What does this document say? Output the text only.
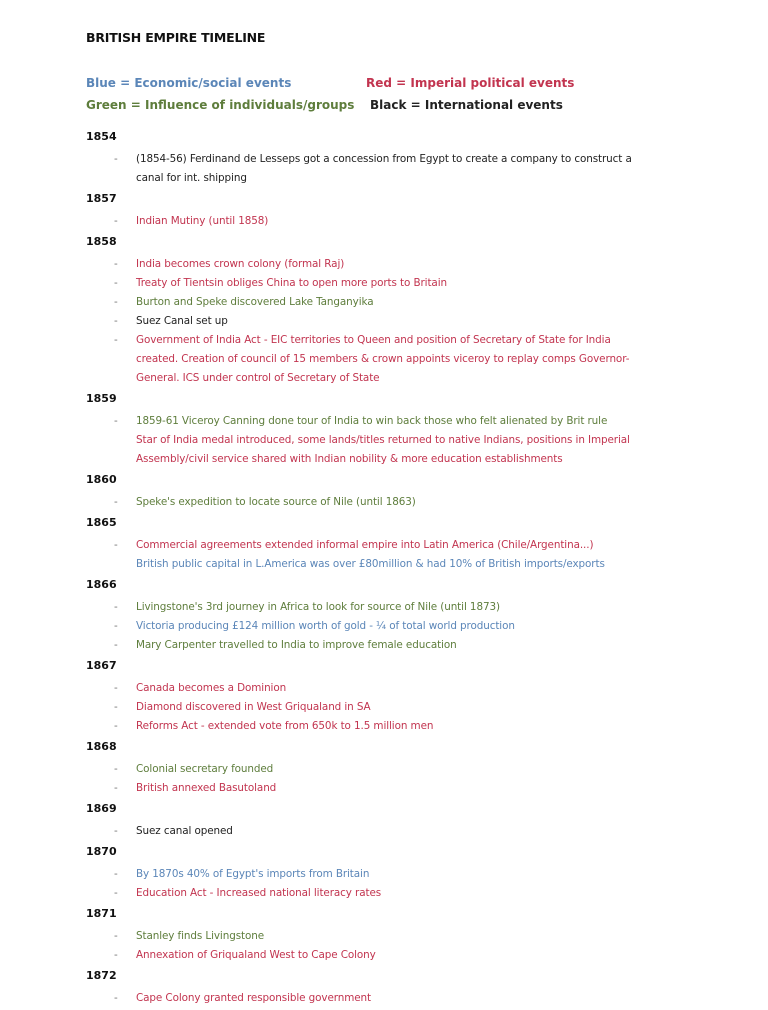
BRITISH EMPIRE TIMELINE
Blue = Economic/social events	Red = Imperial political events
Green = Influence of individuals/groups Black = International events
1854
- (1854-56) Ferdinand de Lesseps got a concession from Egypt to create a company to construct a
canal for int. shipping
1857
- Indian Mutiny (until 1858)
1858
- India becomes crown colony (formal Raj)
- Treaty of Tientsin obliges China to open more ports to Britain
- Burton and Speke discovered Lake Tanganyika
- Suez Canal set up
- Government of India Act - EIC territories to Queen and position of Secretary of State for India
created. Creation of council of 15 members & crown appoints viceroy to replay comps Governor-
General. ICS under control of Secretary of State
1859
- 1859-61 Viceroy Canning done tour of India to win back those who felt alienated by Brit rule
Star of India medal introduced, some lands/titles returned to native Indians, positions in Imperial
Assembly/civil service shared with Indian nobility & more education establishments
1860
- Speke's expedition to locate source of Nile (until 1863)
1865
- Commercial agreements extended informal empire into Latin America (Chile/Argentina...)
British public capital in L.America was over £80million & had 10% of British imports/exports
1866
- Livingstone's 3rd journey in Africa to look for source of Nile (until 1873)
- Victoria producing £124 million worth of gold - ¼ of total world production
- Mary Carpenter travelled to India to improve female education
1867
- Canada becomes a Dominion
- Diamond discovered in West Griqualand in SA
- Reforms Act - extended vote from 650k to 1.5 million men
1868
- Colonial secretary founded
- British annexed Basutoland
1869
- Suez canal opened
1870
- By 1870s 40% of Egypt's imports from Britain
- Education Act - Increased national literacy rates
1871
- Stanley finds Livingstone
- Annexation of Griqualand West to Cape Colony
1872
- Cape Colony granted responsible government
